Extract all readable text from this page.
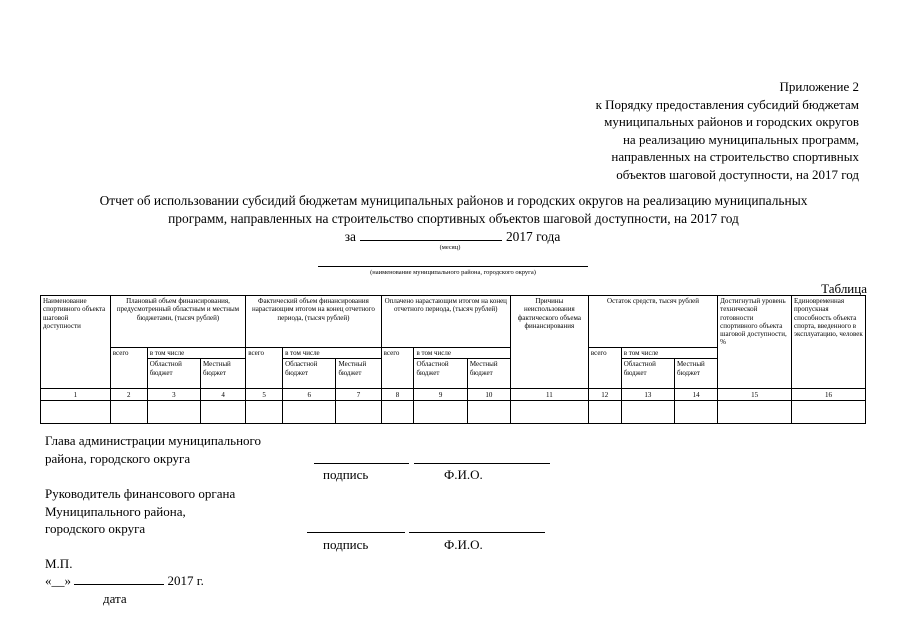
Приложение 2
к Порядку предоставления субсидий бюджетам
муниципальных районов и городских округов
на реализацию муниципальных программ,
направленных на строительство спортивных
объектов шаговой доступности, на 2017 год
Отчет об использовании субсидий бюджетам муниципальных районов и городских округов на реализацию муниципальных
программ, направленных на строительство спортивных объектов шаговой доступности, на 2017 год
за	2017 года
(месяц)
(наименование муниципального района, городского округа)
Таблица
Наименование спортивного объекта шаговой доступности	Плановый объем финансирования, предусмотренный областным и местным бюджетами, (тысяч рублей)			Фактический объем финансирования нарастающим итогом на конец отчетного периода, (тысяч рублей)			Оплачено нарастающим итогом на конец отчетного периода, (тысяч рублей)			Причины неиспользования фактического объема финансирования	Остаток средств, тысяч рублей			Достигнутый уровень технической готовности спортивного объекта шаговой доступности, %	Единовременная пропускная способность объекта спорта, введенного в эксплуатацию, человек
	всего	в том числе		всего	в том числе		всего	в том числе			всего	в том числе			
		Областной бюджет	Местный бюджет		Областной бюджет	Местный бюджет		Областной бюджет	Местный бюджет			Областной бюджет	Местный бюджет		
1	2	3	4	5	6	7	8	9	10	11	12	13	14	15	16

Глава администрации муниципального
района, городского округа
подпись	Ф.И.О.
Руководитель финансового органа
Муниципального района,
городского округа
подпись	Ф.И.О.
М.П.
«__»	2017 г.
дата
